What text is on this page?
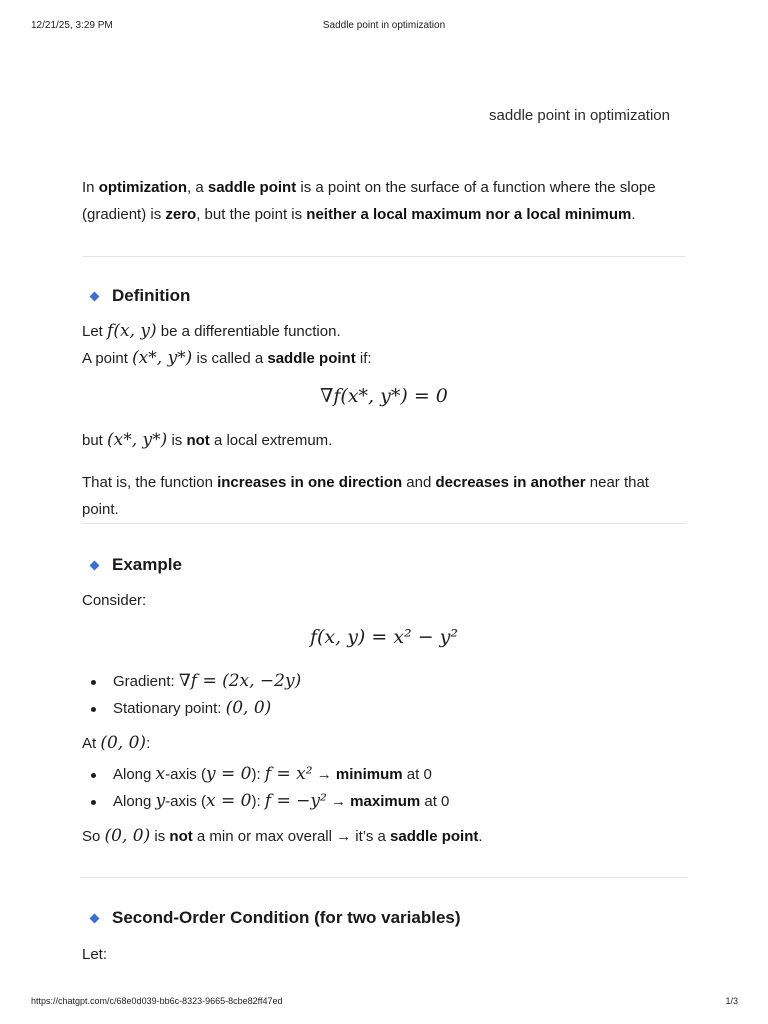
12/21/25, 3:29 PM	Saddle point in optimization
saddle point in optimization

In optimization, a saddle point is a point on the surface of a function where the slope (gradient) is zero, but the point is neither a local maximum nor a local minimum.

Definition

Let f(x, y) be a differentiable function.

A point (x*, y*) is called a saddle point if:

∇f(x*, y*) = 0

but (x*, y*) is not a local extremum.

That is, the function increases in one direction and decreases in another near that point.

Example

Consider:

f(x, y) = x² − y²
Gradient: ∇f = (2x, −2y)
Stationary point: (0, 0)

At (0, 0):

Along x-axis (y = 0): f = x² → minimum at 0
Along y-axis (x = 0): f = −y² → maximum at 0

So (0, 0) is not a min or max overall → it’s a saddle point.

Second-Order Condition (for two variables)

Let:

https://chatgpt.com/c/68e0d039-bb6c-8323-9665-8cbe82ff47ed	1/3
